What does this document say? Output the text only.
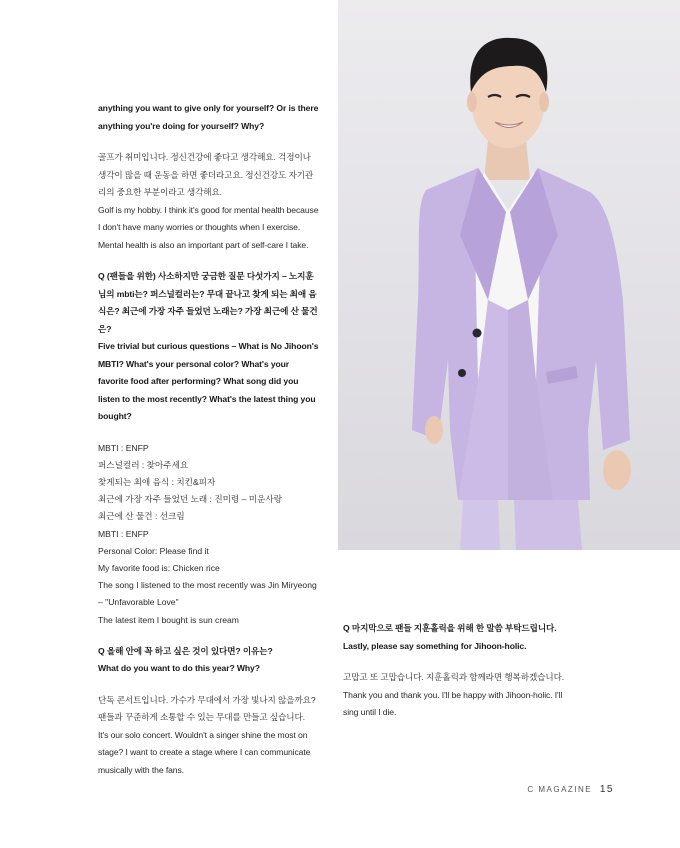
anything you want to give only for yourself? Or is there anything you're doing for yourself? Why?

골프가 취미입니다. 정신건강에 좋다고 생각해요. 걱정이나 생각이 많을 때 운동을 하면 좋더라고요. 정신건강도 자기관리의 중요한 부분이라고 생각해요.

Golf is my hobby. I think it's good for mental health because I don't have many worries or thoughts when I exercise. Mental health is also an important part of self-care I take.

Q (팬들을 위한) 사소하지만 궁금한 질문 다섯가지 – 노지훈님의 mbti는? 퍼스널컬러는? 무대 끝나고 찾게 되는 최애 음식은? 최근에 가장 자주 들었던 노래는? 가장 최근에 산 물건은?

Five trivial but curious questions – What is No Jihoon's MBTI? What's your personal color? What's your favorite food after performing? What song did you listen to the most recently? What's the latest thing you bought?

MBTI : ENFP
퍼스널컬러 : 찾아주세요
찾게되는 최애 음식 : 치킨&피자
최근에 가장 자주 들었던 노래 : 진미령 – 미운사랑
최근에 산 물건 : 선크림
MBTI : ENFP
Personal Color: Please find it
My favorite food is: Chicken rice
The song I listened to the most recently was Jin Miryeong – "Unfavorable Love"
The latest item I bought is sun cream

Q 올해 안에 꼭 하고 싶은 것이 있다면? 이유는?

What do you want to do this year? Why?

단독 콘서트입니다. 가수가 무대에서 가장 빛나지 않을까요? 팬들과 꾸준하게 소통할 수 있는 무대를 만들고 싶습니다.

It's our solo concert. Wouldn't a singer shine the most on stage? I want to create a stage where I can communicate musically with the fans.

Q 마지막으로 팬들 지훈홀릭을 위해 한 말씀 부탁드립니다.

Lastly, please say something for Jihoon-holic.

고맙고 또 고맙습니다. 지훈홀릭과 함께라면 행복하겠습니다.

Thank you and thank you. I'll be happy with Jihoon-holic. I'll sing until I die.

C MAGAZINE 15
